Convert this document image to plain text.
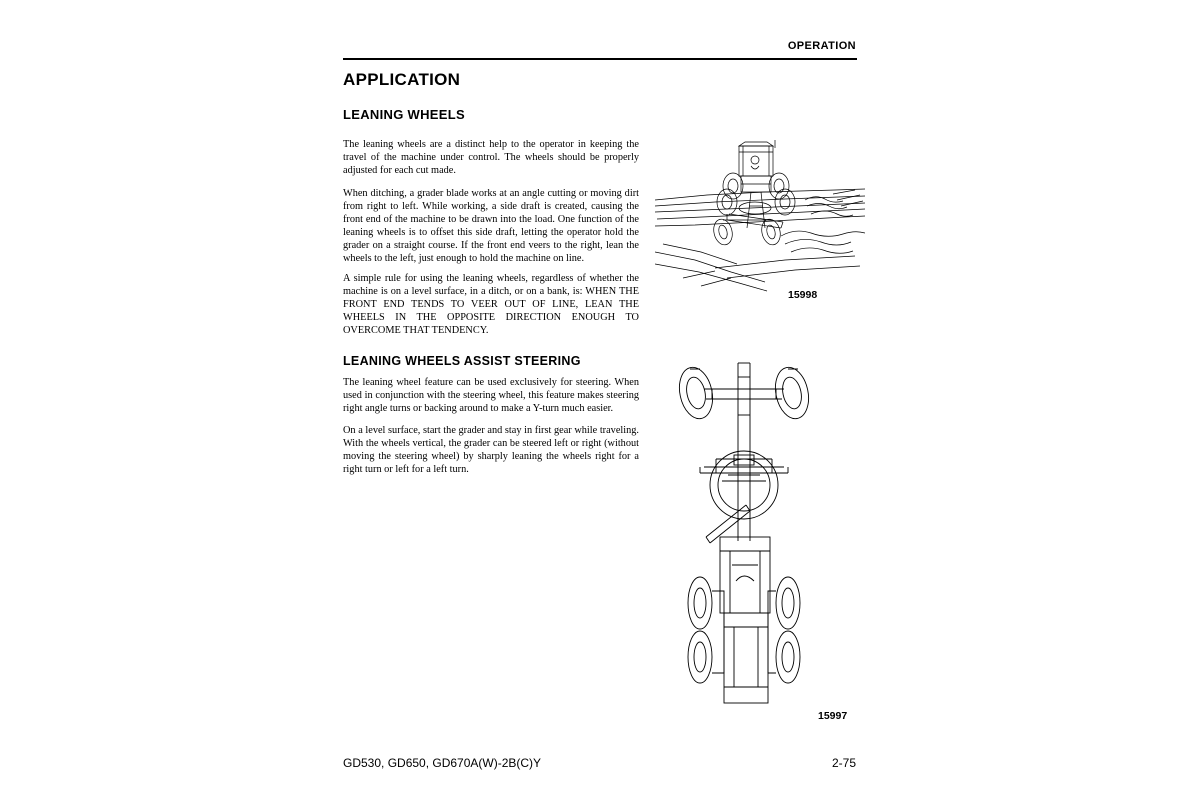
OPERATION
APPLICATION
LEANING WHEELS
LEANING WHEELS ASSIST STEERING
The leaning wheels are a distinct help to the operator in keeping the travel of the machine under control. The wheels should be properly adjusted for each cut made.
When ditching, a grader blade works at an angle cutting or moving dirt from right to left. While working, a side draft is created, causing the front end of the machine to be drawn into the load. One function of the leaning wheels is to offset this side draft, letting the operator hold the grader on a straight course. If the front end veers to the right, lean the wheels to the left, just enough to hold the machine on line.
A simple rule for using the leaning wheels, regardless of whether the machine is on a level surface, in a ditch, or on a bank, is: WHEN THE FRONT END TENDS TO VEER OUT OF LINE, LEAN THE WHEELS IN THE OPPOSITE DIRECTION ENOUGH TO OVERCOME THAT TENDENCY.
The leaning wheel feature can be used exclusively for steering. When used in conjunction with the steering wheel, this feature makes steering right angle turns or backing around to make a Y-turn much easier.
On a level surface, start the grader and stay in first gear while traveling. With the wheels vertical, the grader can be steered left or right (without moving the steering wheel) by sharply leaning the wheels right for a right turn or left for a left turn.
15998
15997
GD530, GD650, GD670A(W)-2B(C)Y	2-75
